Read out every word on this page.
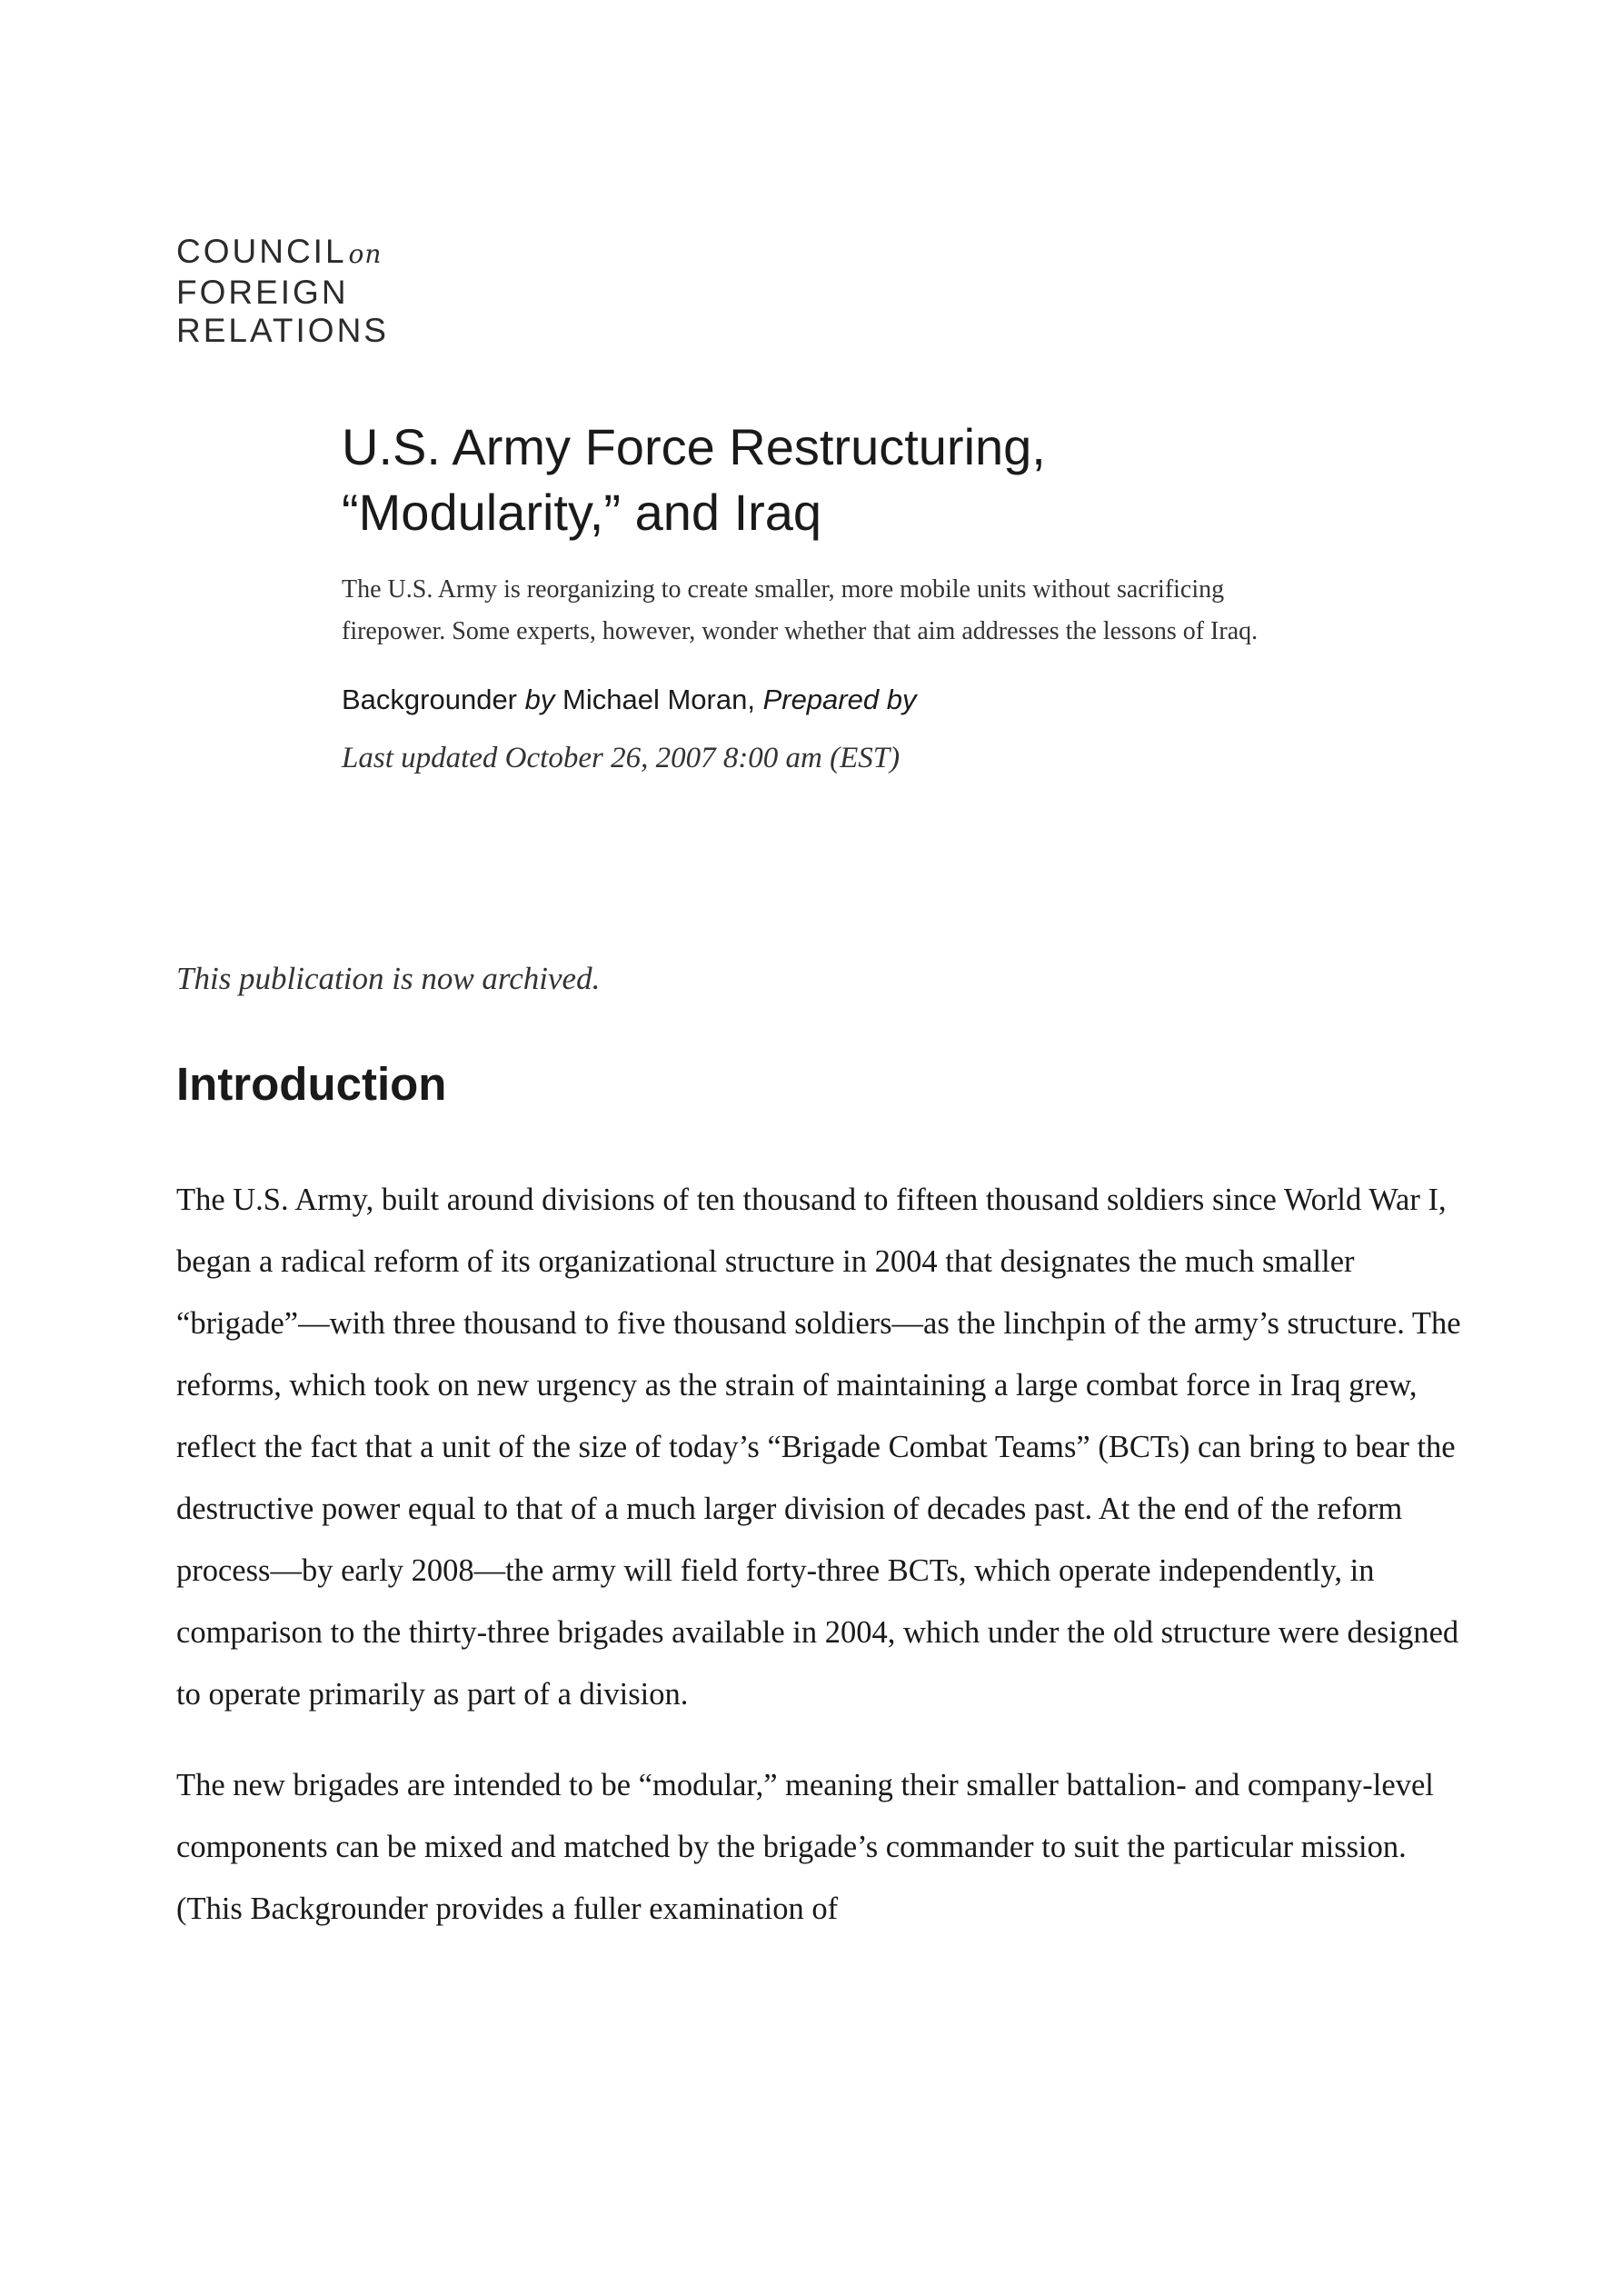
COUNCILon
FOREIGN
RELATIONS
U.S. Army Force Restructuring,
“Modularity,” and Iraq
The U.S. Army is reorganizing to create smaller, more mobile units without sacrificing firepower. Some experts, however, wonder whether that aim addresses the lessons of Iraq.
Backgrounder by Michael Moran, Prepared by
Last updated October 26, 2007 8:00 am (EST)
This publication is now archived.
Introduction

The U.S. Army, built around divisions of ten thousand to fifteen thousand soldiers since World War I, began a radical reform of its organizational structure in 2004 that designates the much smaller “brigade”—with three thousand to five thousand soldiers—as the linchpin of the army’s structure. The reforms, which took on new urgency as the strain of maintaining a large combat force in Iraq grew, reflect the fact that a unit of the size of today’s “Brigade Combat Teams” (BCTs) can bring to bear the destructive power equal to that of a much larger division of decades past. At the end of the reform process—by early 2008—the army will field forty-three BCTs, which operate independently, in comparison to the thirty-three brigades available in 2004, which under the old structure were designed to operate primarily as part of a division.

The new brigades are intended to be “modular,” meaning their smaller battalion- and company-level components can be mixed and matched by the brigade’s commander to suit the particular mission. (This Backgrounder provides a fuller examination of
